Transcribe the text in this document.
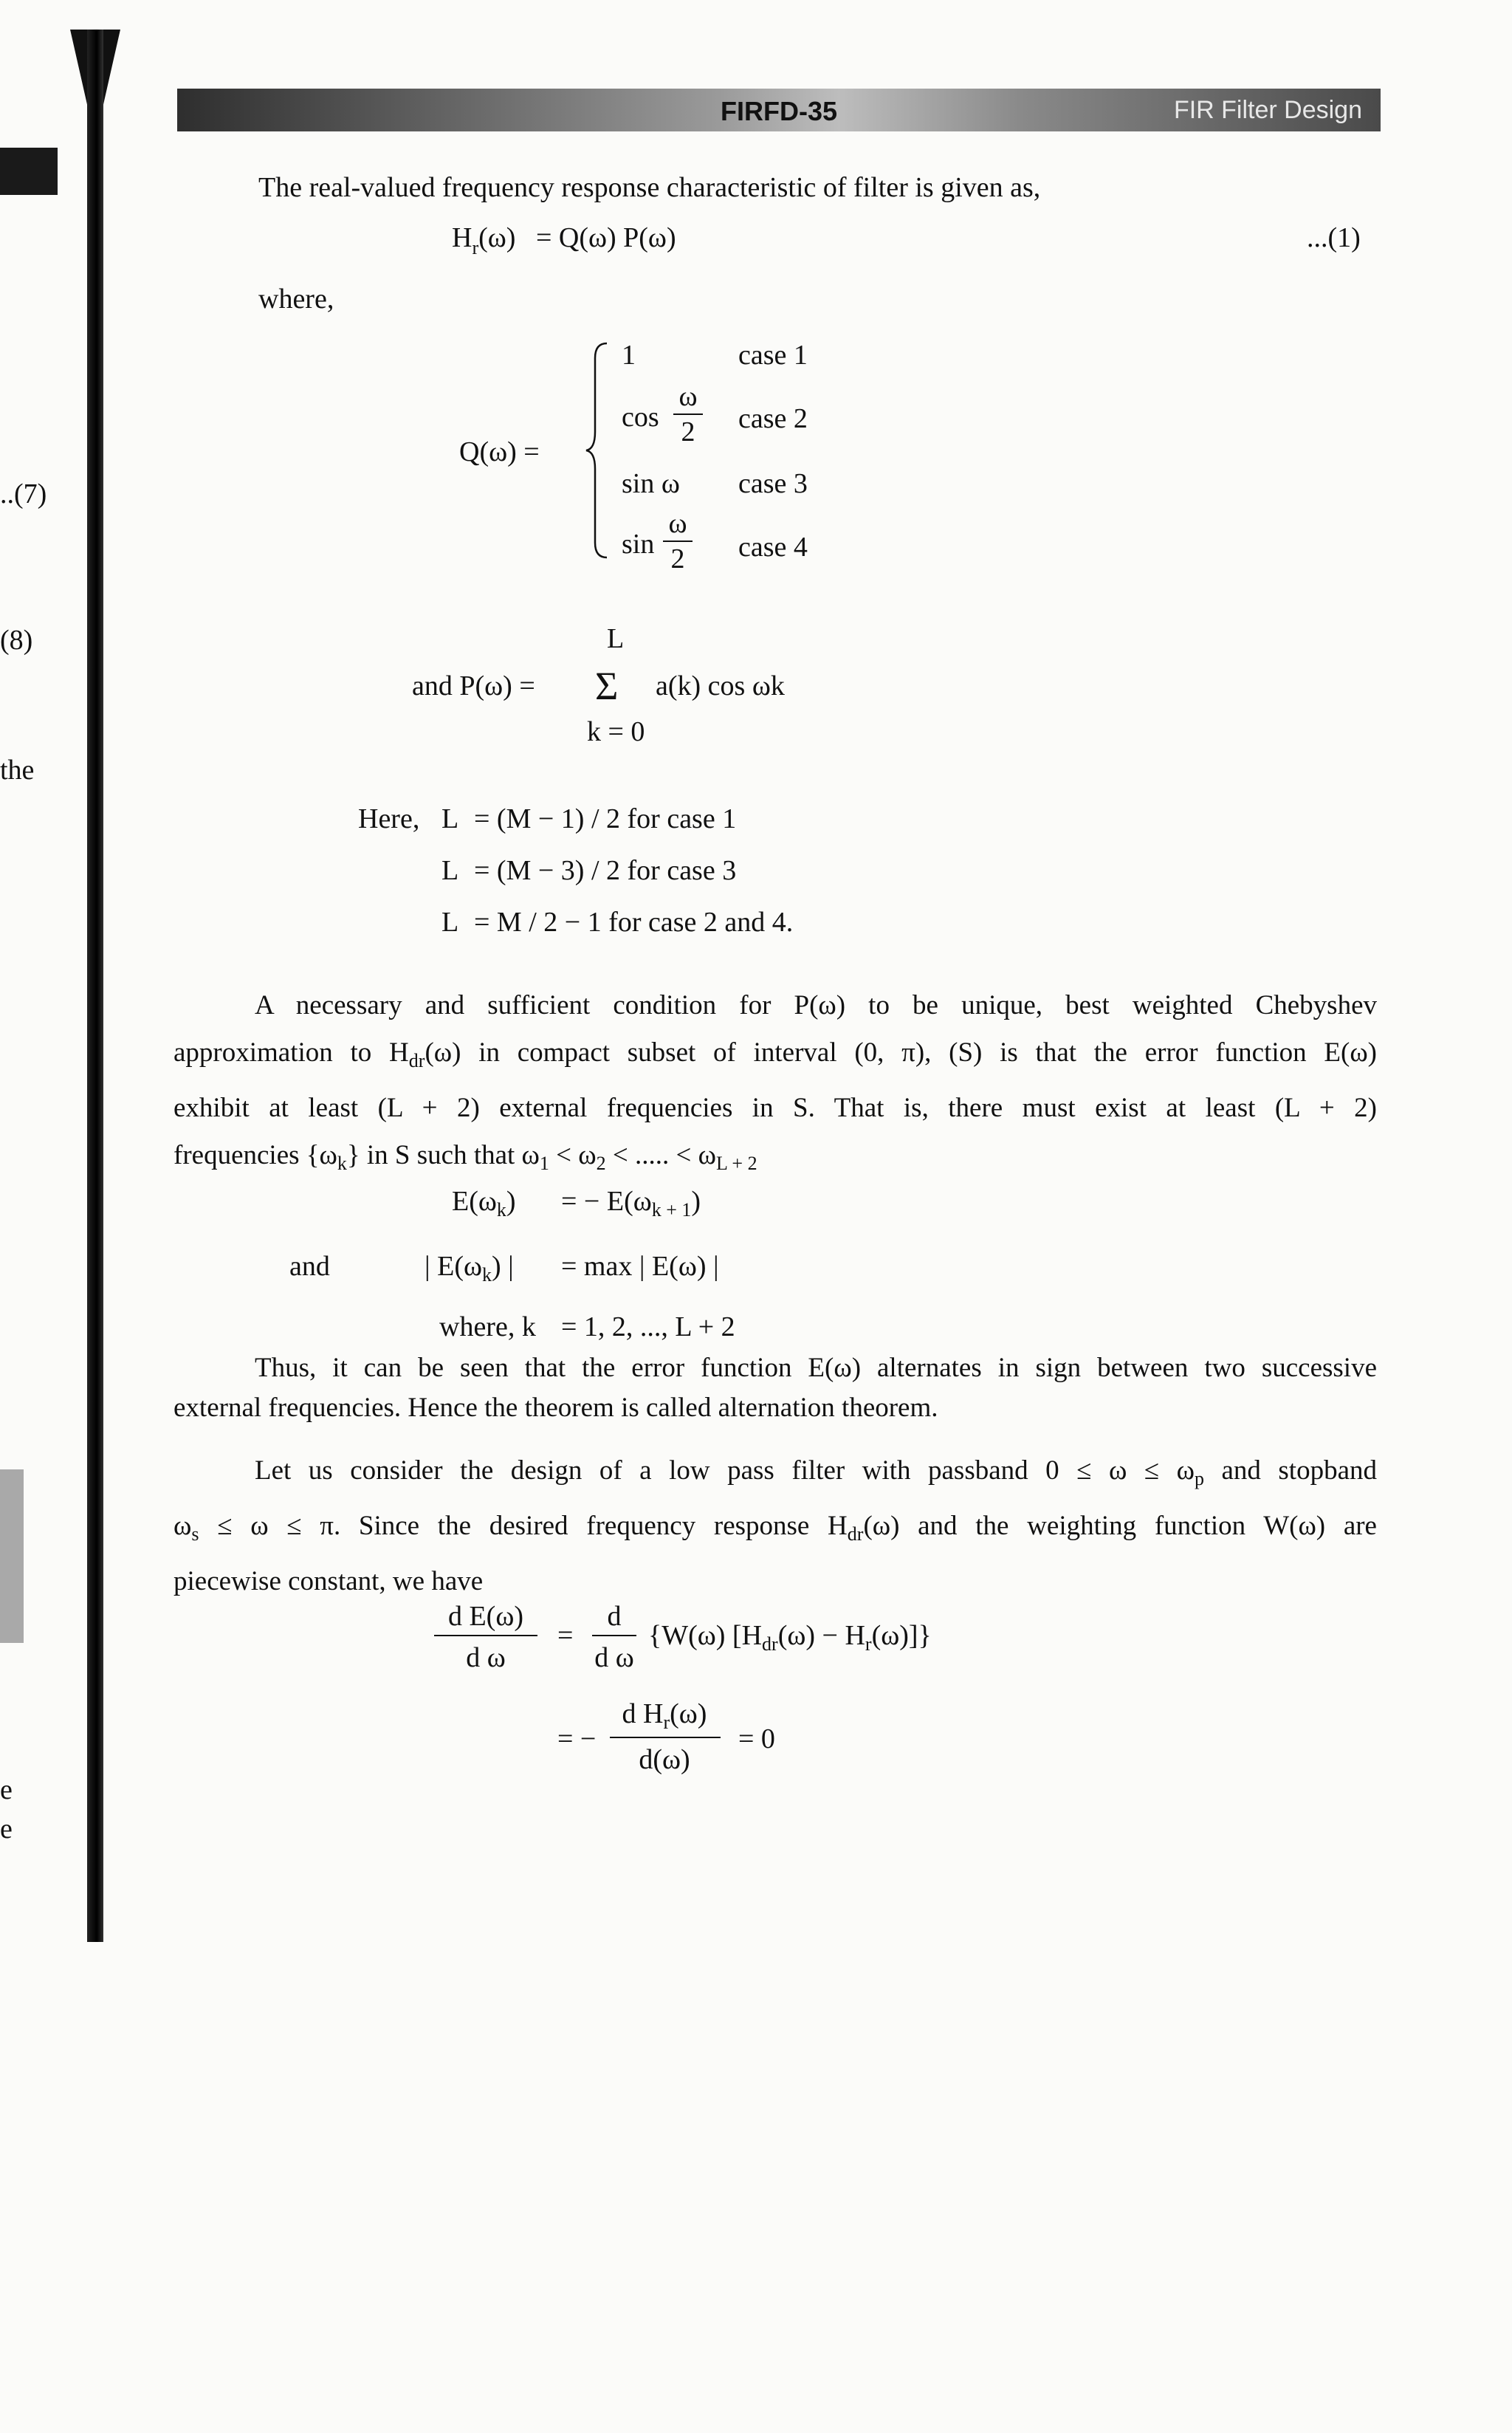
FIRFD-35	FIR Filter Design
..(7)
(8)
the
e
e
The real-valued frequency response characteristic of filter is given as,
$H_r(\omega) = Q(\omega)$ P(ω)	...(1)
where,
Q(ω) =
1	case 1
cos
ω
2 case 2
sin ω case 3
sin
ω
2 case 4
L
and P(ω) = Σ a(k) cos ωk
k = 0
Here, L = (M − 1) / 2 for case 1
L = (M − 3) / 2 for case 3
L = M / 2 − 1 for case 2 and 4.
A necessary and sufficient condition for P(ω) to be unique, best weighted Chebyshev
approximation to $H_{dr}(\omega)$ in compact subset of interval (0, π), (S) is that the error function E(ω)
exhibit at least (L + 2) external frequencies in S. That is, there must exist at least (L + 2)
frequencies $\{\omega_k\}$ in S such that $\omega_1 < \omega_2$ < ..... < $\omega_{L + 2}$
$E(\omega_k)$ = − $E(\omega_{k + 1})$
and	| $E(\omega_k)$ | = max | E(ω) |
where, k = 1, 2, ..., L + 2
Thus, it can be seen that the error function E(ω) alternates in sign between two successive
external frequencies. Hence the theorem is called alternation theorem.
Let us consider the design of a low pass filter with passband $0 \le \omega \le \omega_p$ and stopband
$\omega_s \le \omega \le \pi$. Since the desired frequency response $H_{dr}(\omega)$ and the weighting function W(ω) are
piecewise constant, we have
d E(ω)
d ω
=
d
d ω
{W(ω) $[H_{dr}(\omega) - H_r(\omega)]$}
= −
d $H_r(\omega)$
d(ω)
= 0
